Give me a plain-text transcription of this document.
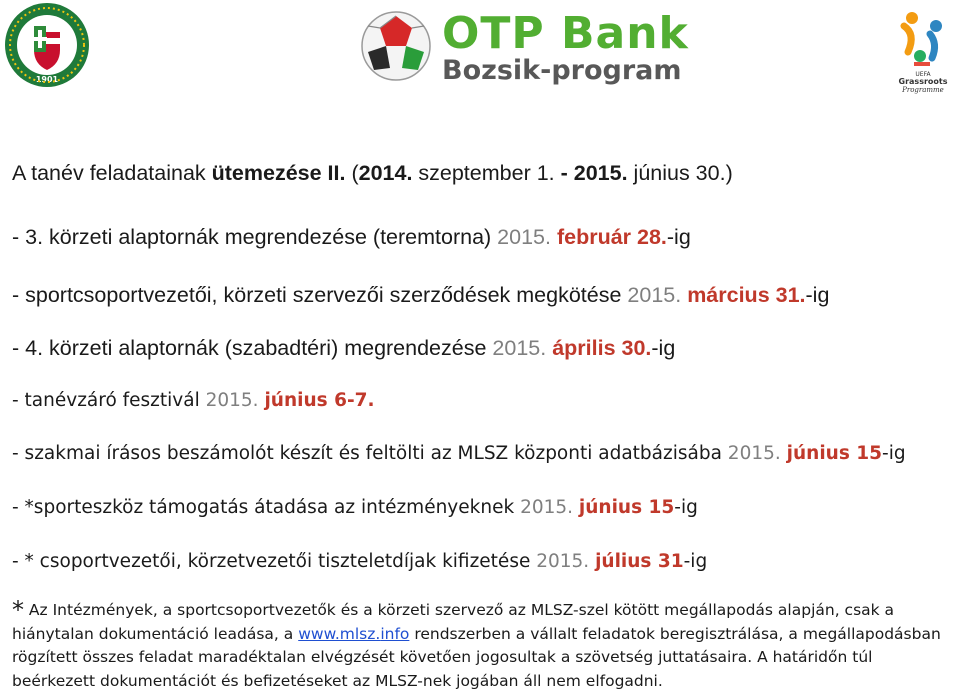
1901
OTP Bank
Bozsik-program	UEFA
Grassroots
Programme
A tanév feladatainak ütemezése II. (2014. szeptember 1. - 2015. június 30.)
- 3. körzeti alaptornák megrendezése (teremtorna) 2015. február 28.-ig
- sportcsoportvezetői, körzeti szervezői szerződések megkötése 2015. március 31.-ig
- 4. körzeti alaptornák (szabadtéri) megrendezése 2015. április 30.-ig
- tanévzáró fesztivál 2015. június 6-7.
- szakmai írásos beszámolót készít és feltölti az MLSZ központi adatbázisába 2015. június 15-ig
- *sporteszköz támogatás átadása az intézményeknek 2015. június 15-ig
- * csoportvezetői, körzetvezetői tiszteletdíjak kifizetése 2015. július 31-ig
* Az Intézmények, a sportcsoportvezetők és a körzeti szervező az MLSZ-szel kötött megállapodás alapján, csak a hiánytalan dokumentáció leadása, a www.mlsz.info rendszerben a vállalt feladatok beregisztrálása, a megállapodásban rögzített összes feladat maradéktalan elvégzését követően jogosultak a szövetség juttatásaira. A határidőn túl beérkezett dokumentációt és befizetéseket az MLSZ-nek jogában áll nem elfogadni.
